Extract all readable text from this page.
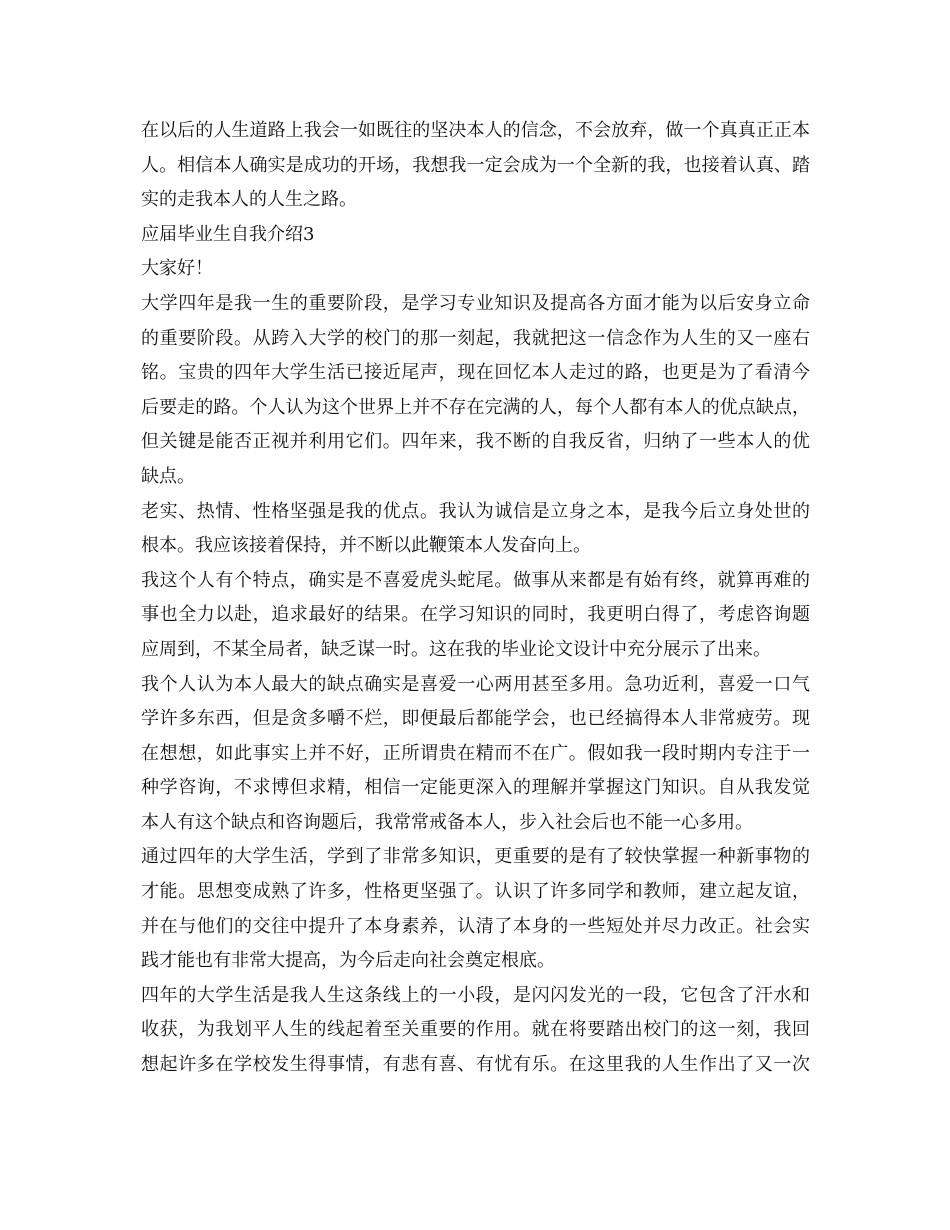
在以后的人生道路上我会一如既往的坚决本人的信念，不会放弃，做一个真真正正本
人。相信本人确实是成功的开场，我想我一定会成为一个全新的我，也接着认真、踏
实的走我本人的人生之路。
应届毕业生自我介绍3
大家好！
大学四年是我一生的重要阶段，是学习专业知识及提高各方面才能为以后安身立命
的重要阶段。从跨入大学的校门的那一刻起，我就把这一信念作为人生的又一座右
铭。宝贵的四年大学生活已接近尾声，现在回忆本人走过的路，也更是为了看清今
后要走的路。个人认为这个世界上并不存在完满的人，每个人都有本人的优点缺点，
但关键是能否正视并利用它们。四年来，我不断的自我反省，归纳了一些本人的优
缺点。
老实、热情、性格坚强是我的优点。我认为诚信是立身之本，是我今后立身处世的
根本。我应该接着保持，并不断以此鞭策本人发奋向上。
我这个人有个特点，确实是不喜爱虎头蛇尾。做事从来都是有始有终，就算再难的
事也全力以赴，追求最好的结果。在学习知识的同时，我更明白得了，考虑咨询题
应周到，不某全局者，缺乏谋一时。这在我的毕业论文设计中充分展示了出来。
我个人认为本人最大的缺点确实是喜爱一心两用甚至多用。急功近利，喜爱一口气
学许多东西，但是贪多嚼不烂，即便最后都能学会，也已经搞得本人非常疲劳。现
在想想，如此事实上并不好，正所谓贵在精而不在广。假如我一段时期内专注于一
种学咨询，不求博但求精，相信一定能更深入的理解并掌握这门知识。自从我发觉
本人有这个缺点和咨询题后，我常常戒备本人，步入社会后也不能一心多用。
通过四年的大学生活，学到了非常多知识，更重要的是有了较快掌握一种新事物的
才能。思想变成熟了许多，性格更坚强了。认识了许多同学和教师，建立起友谊，
并在与他们的交往中提升了本身素养，认清了本身的一些短处并尽力改正。社会实
践才能也有非常大提高，为今后走向社会奠定根底。
四年的大学生活是我人生这条线上的一小段，是闪闪发光的一段，它包含了汗水和
收获，为我划平人生的线起着至关重要的作用。就在将要踏出校门的这一刻，我回
想起许多在学校发生得事情，有悲有喜、有忧有乐。在这里我的人生作出了又一次
